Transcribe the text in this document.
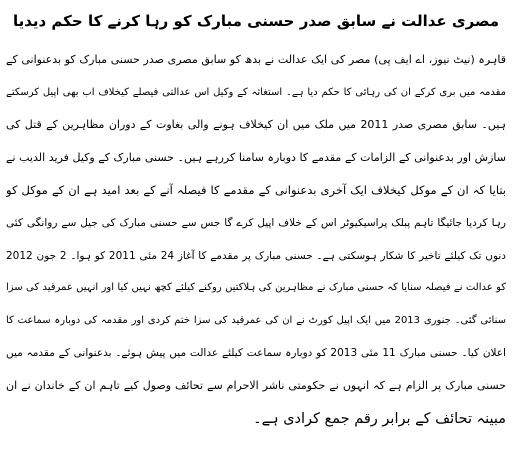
مصری عدالت نے سابق صدر حسنی مبارک کو رہا کرنے کا حکم دیدیا
قاہرہ (نیٹ نیوز، اے ایف پی) مصر کی ایک عدالت نے بدھ کو سابق مصری صدر حسنی مبارک کو بدعنوانی کے
مقدمہ میں بری کرکے ان کی رہائی کا حکم دیا ہے۔ استغاثہ کے وکیل اس عدالتی فیصلے کیخلاف اب بھی اپیل کرسکتے
ہیں۔ سابق مصری صدر 2011 میں ملک میں ان کیخلاف ہونے والی بغاوت کے دوران مظاہرین کے قتل کی
سازش اور بدعنوانی کے الزامات کے مقدمے کا دوبارہ سامنا کررہے ہیں۔ حسنی مبارک کے وکیل فرید الدیب نے
بتایا کہ ان کے موکل کیخلاف ایک آخری بدعنوانی کے مقدمے کا فیصلہ آنے کے بعد امید ہے ان کے موکل کو
رہا کردیا جائیگا تاہم پبلک پراسیکیوٹر اس کے خلاف اپیل کرے گا جس سے حسنی مبارک کی جیل سے روانگی کئی
دنوں تک کیلئے تاخیر کا شکار ہوسکتی ہے۔ حسنی مبارک پر مقدمے کا آغاز 24 مئی 2011 کو ہوا۔ 2 جون 2012
کو عدالت نے فیصلہ سنایا کہ حسنی مبارک نے مظاہرین کی ہلاکتیں روکنے کیلئے کچھ نہیں کیا اور انہیں عمرقید کی سزا
سنائی گئی۔ جنوری 2013 میں ایک اپیل کورٹ نے ان کی عمرقید کی سزا ختم کردی اور مقدمہ کی دوبارہ سماعت کا
اعلان کیا۔ حسنی مبارک 11 مئی 2013 کو دوبارہ سماعت کیلئے عدالت میں پیش ہوئے۔ بدعنوانی کے مقدمہ میں
حسنی مبارک پر الزام ہے کہ انہوں نے حکومتی ناشر الاحرام سے تحائف وصول کیے تاہم ان کے خاندان نے ان
مبینہ تحائف کے برابر رقم جمع کرادی ہے۔
